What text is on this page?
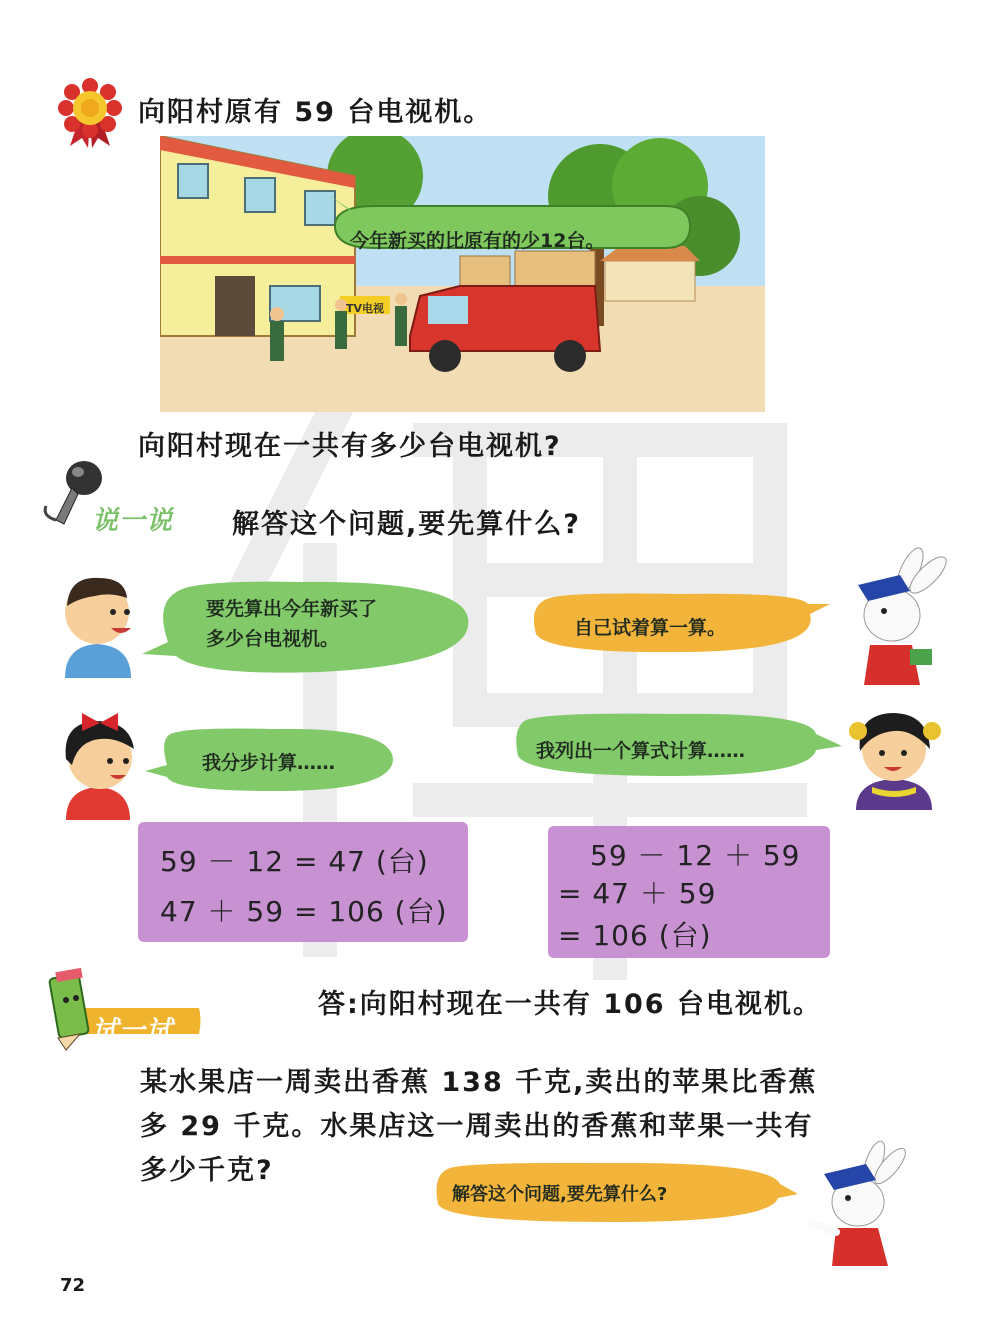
向阳村原有 59 台电视机。
今年新买的比原有的少12台。
TV电视
向阳村现在一共有多少台电视机?
说一说 解答这个问题,要先算什么?
要先算出今年新买了
多少台电视机。	自己试着算一算。
我分步计算……
我列出一个算式计算……
59 － 12 = 47 (台)
47 ＋ 59 = 106 (台)
59 － 12 ＋ 59
= 47 ＋ 59
= 106 (台)
试一试
答:向阳村现在一共有 106 台电视机。
某水果店一周卖出香蕉 138 千克,卖出的苹果比香蕉
多 29 千克。水果店这一周卖出的香蕉和苹果一共有
多少千克?
解答这个问题,要先算什么?
72
